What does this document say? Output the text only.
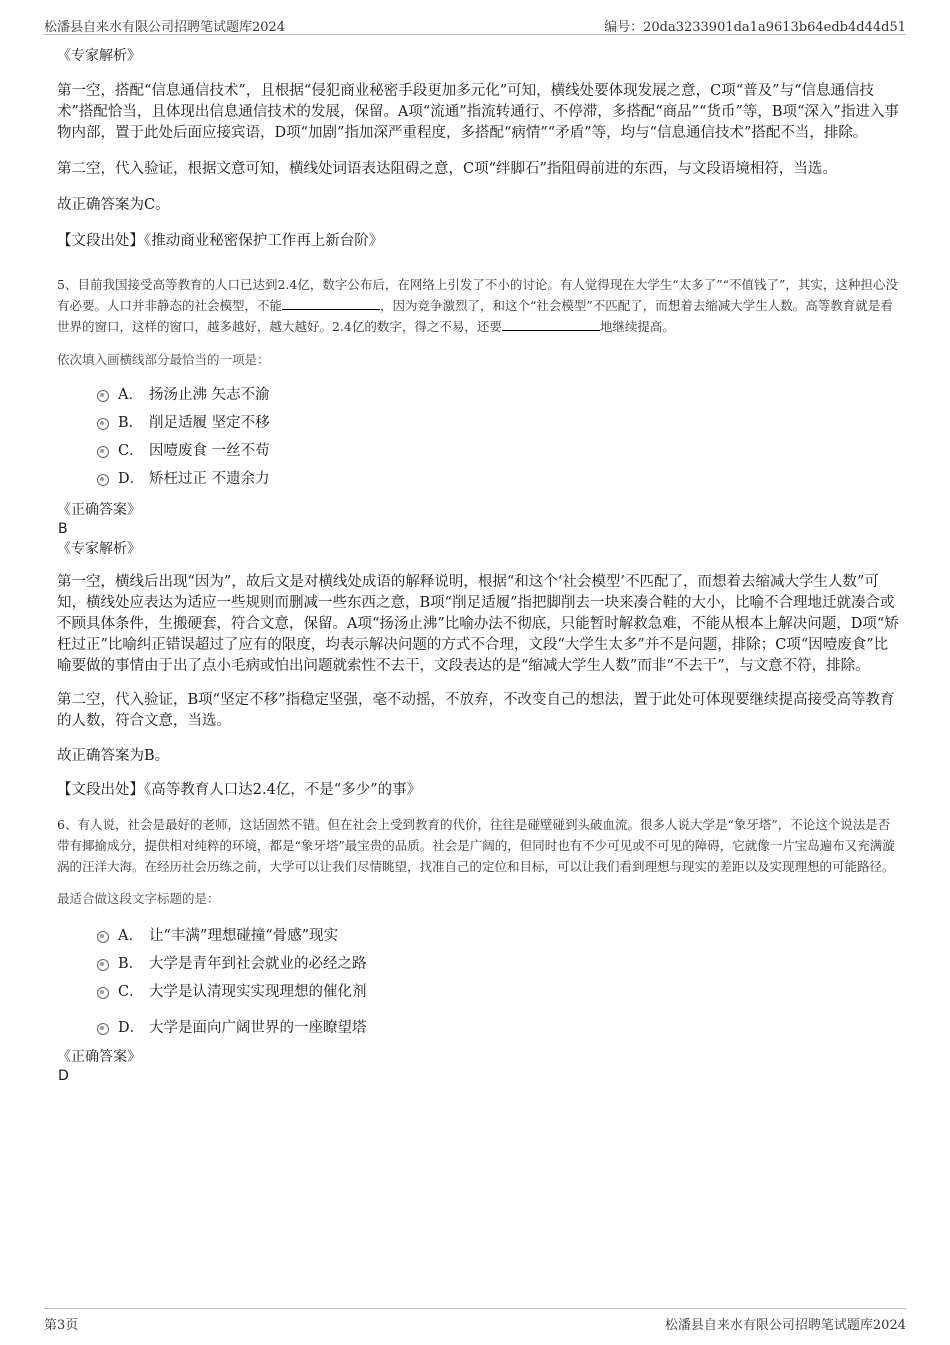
松潘县自来水有限公司招聘笔试题库2024	编号：20da3233901da1a9613b64edb4d44d51

《专家解析》

第一空，搭配“信息通信技术”，且根据“侵犯商业秘密手段更加多元化”可知，横线处要体现发展之意，C项“普及”与“信息通信技术”搭配恰当，且体现出信息通信技术的发展，保留。A项“流通”指流转通行、不停滞，多搭配“商品”“货币”等，B项“深入”指进入事物内部，置于此处后面应接宾语，D项“加剧”指加深严重程度，多搭配“病情”“矛盾”等，均与“信息通信技术”搭配不当，排除。

第二空，代入验证，根据文意可知，横线处词语表达阻碍之意，C项“绊脚石”指阻碍前进的东西，与文段语境相符，当选。

故正确答案为C。

【文段出处】《推动商业秘密保护工作再上新台阶》

5、目前我国接受高等教育的人口已达到2.4亿，数字公布后，在网络上引发了不小的讨论。有人觉得现在大学生“太多了”“不值钱了”，其实，这种担心没有必要。人口并非静态的社会模型，不能	，因为竞争激烈了，和这个“社会模型”不匹配了，而想着去缩减大学生人数。高等教育就是看世界的窗口，这样的窗口，越多越好，越大越好。2.4亿的数字，得之不易，还要	地继续提高。

依次填入画横线部分最恰当的一项是：

A． 扬汤止沸 矢志不渝
B． 削足适履 坚定不移
C． 因噎废食 一丝不苟
D． 矫枉过正 不遗余力

《正确答案》

B

《专家解析》

第一空，横线后出现“因为”，故后文是对横线处成语的解释说明，根据“和这个‘社会模型’不匹配了，而想着去缩减大学生人数”可知，横线处应表达为适应一些规则而删减一些东西之意，B项“削足适履”指把脚削去一块来凑合鞋的大小，比喻不合理地迁就凑合或不顾具体条件，生搬硬套，符合文意，保留。A项“扬汤止沸”比喻办法不彻底，只能暂时解救急难，不能从根本上解决问题，D项“矫枉过正”比喻纠正错误超过了应有的限度，均表示解决问题的方式不合理，文段“大学生太多”并不是问题，排除；C项“因噎废食”比喻要做的事情由于出了点小毛病或怕出问题就索性不去干，文段表达的是“缩减大学生人数”而非“不去干”，与文意不符，排除。

第二空，代入验证，B项“坚定不移”指稳定坚强，毫不动摇，不放弃，不改变自己的想法，置于此处可体现要继续提高接受高等教育的人数，符合文意，当选。

故正确答案为B。

【文段出处】《高等教育人口达2.4亿，不是“多少”的事》

6、有人说，社会是最好的老师，这话固然不错。但在社会上受到教育的代价，往往是碰壁碰到头破血流。很多人说大学是“象牙塔”，不论这个说法是否带有揶揄成分，提供相对纯粹的环境，都是“象牙塔”最宝贵的品质。社会是广阔的，但同时也有不少可见或不可见的障碍，它就像一片宝岛遍布又充满漩涡的汪洋大海。在经历社会历练之前，大学可以让我们尽情眺望，找准自己的定位和目标，可以让我们看到理想与现实的差距以及实现理想的可能路径。

最适合做这段文字标题的是：

A． 让“丰满”理想碰撞“骨感”现实
B． 大学是青年到社会就业的必经之路
C． 大学是认清现实实现理想的催化剂
D． 大学是面向广阔世界的一座瞭望塔

《正确答案》

D

第3页	松潘县自来水有限公司招聘笔试题库2024
